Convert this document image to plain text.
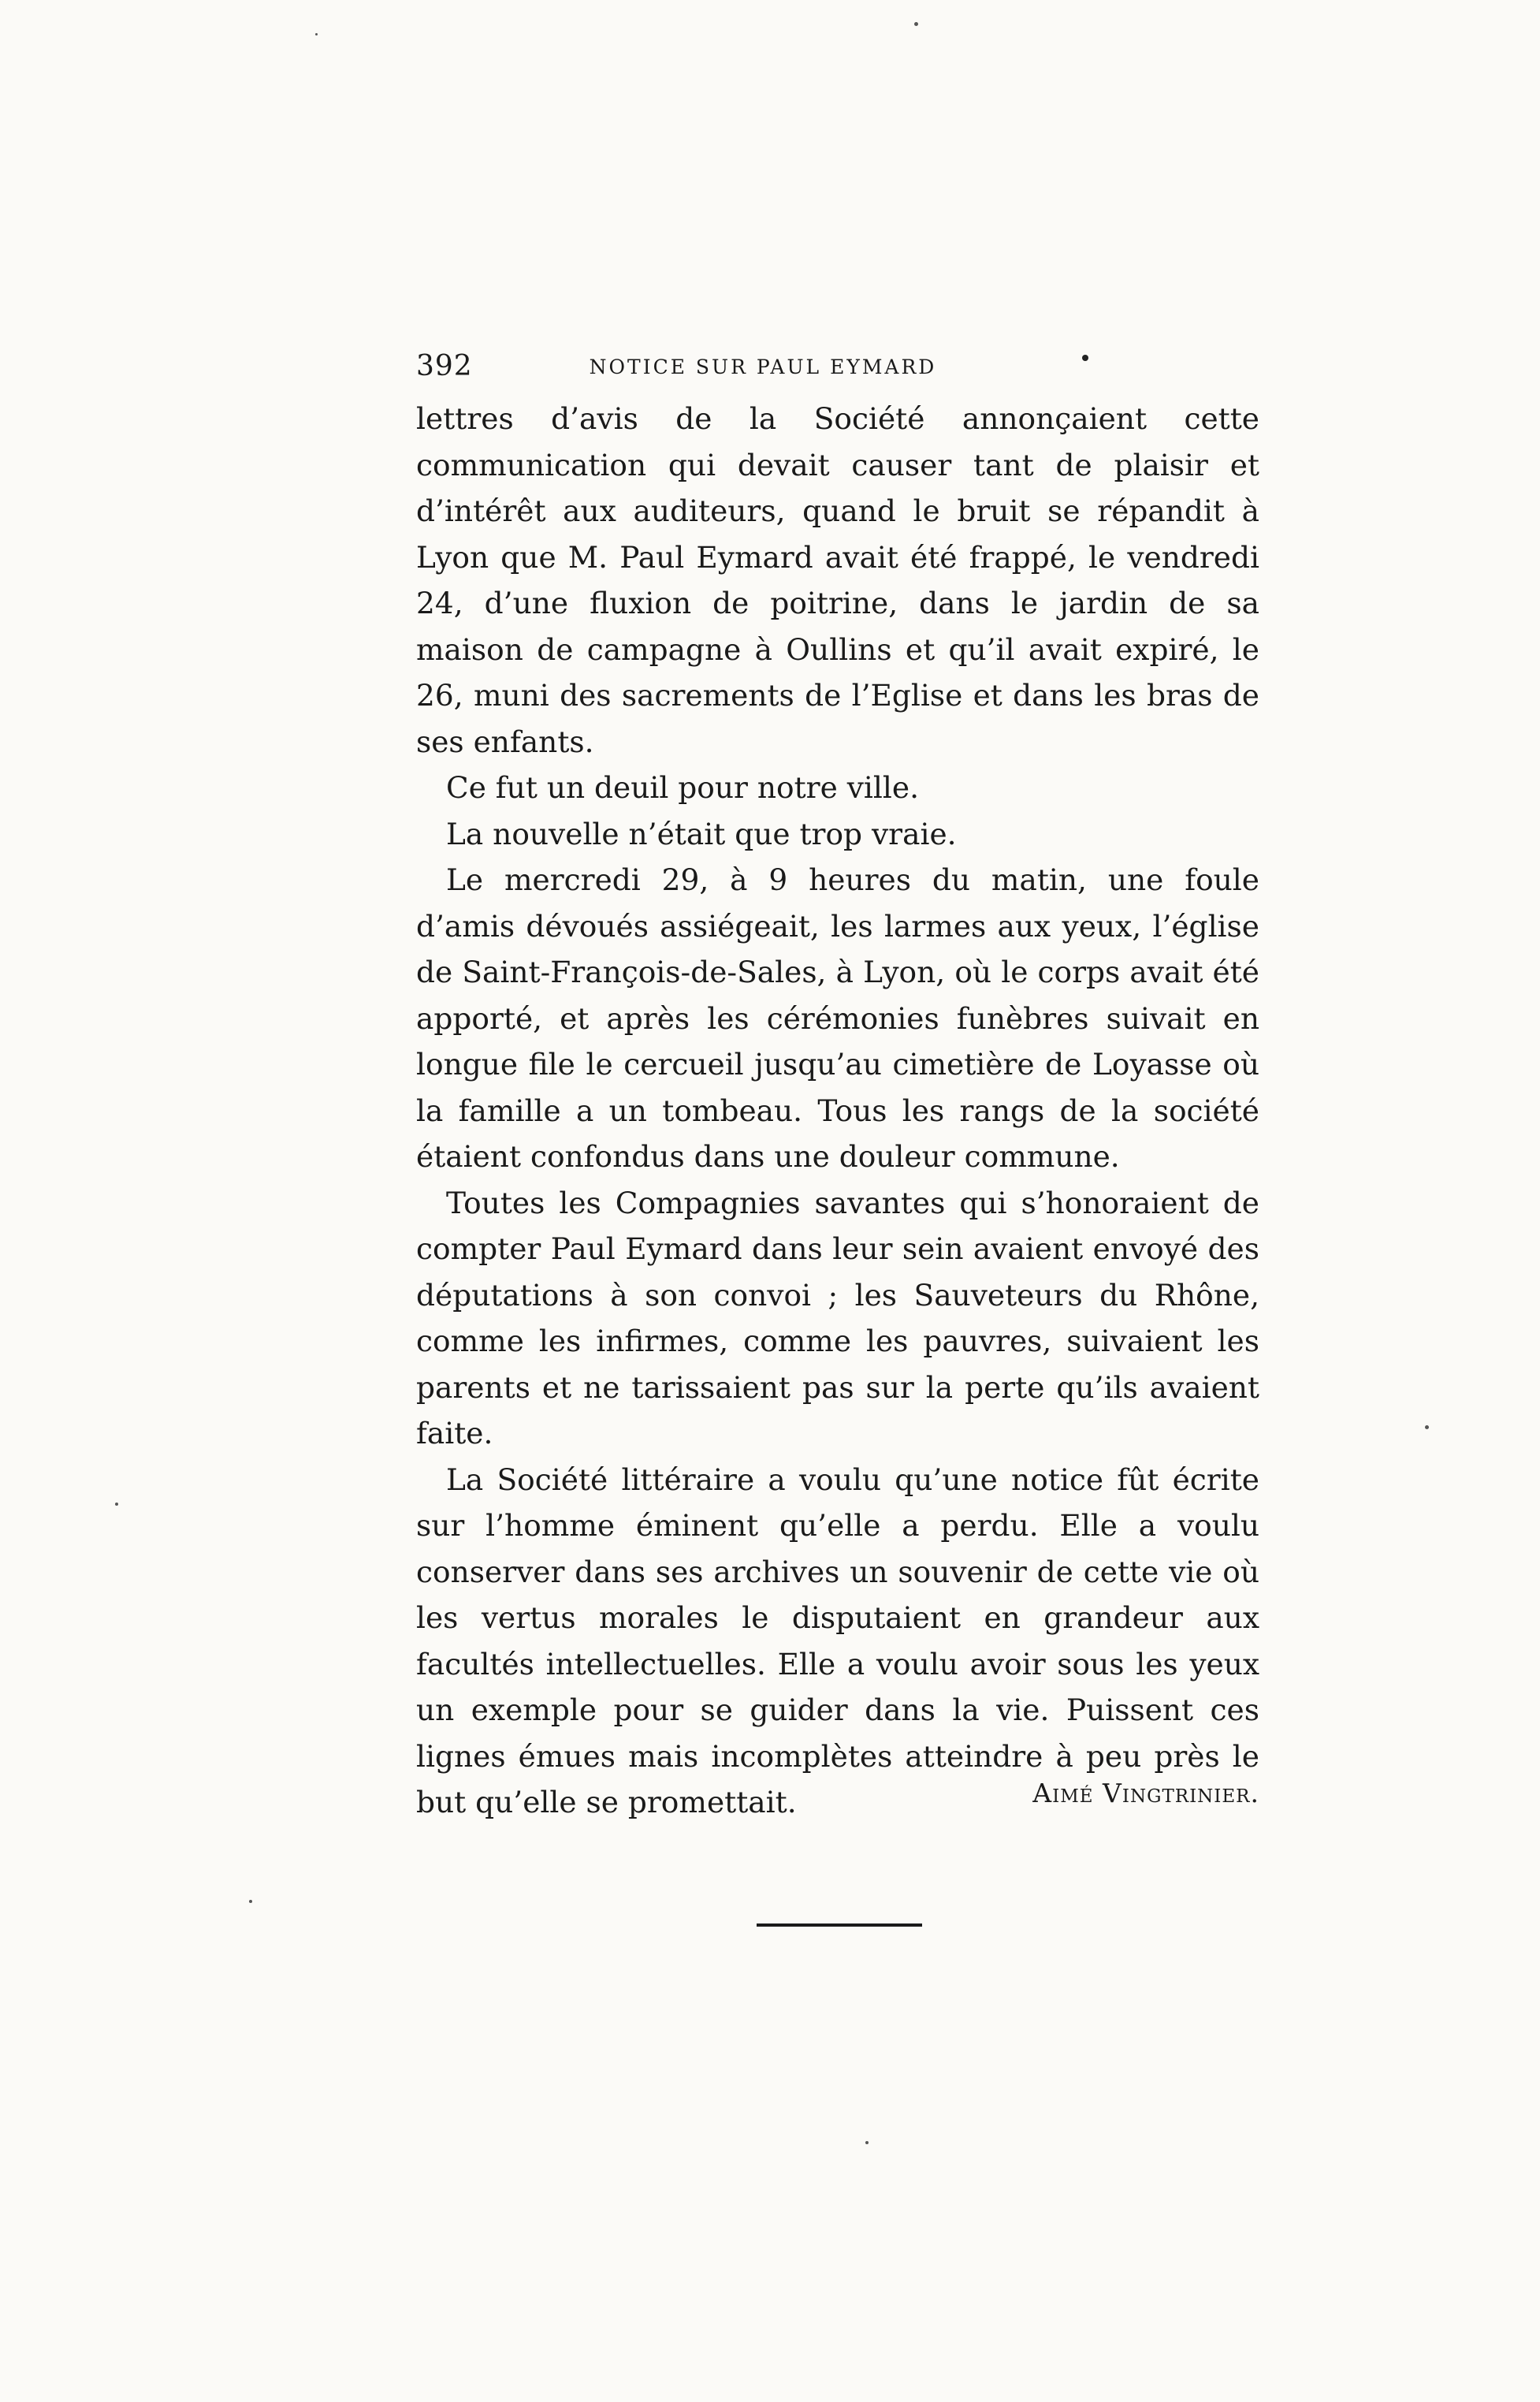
392	NOTICE SUR PAUL EYMARD

lettres d’avis de la Société annonçaient cette communication qui devait causer tant de plaisir et d’intérêt aux auditeurs, quand le bruit se répandit à Lyon que M. Paul Eymard avait été frappé, le vendredi 24, d’une fluxion de poitrine, dans le jardin de sa maison de campagne à Oullins et qu’il avait expiré, le 26, muni des sacrements de l’Eglise et dans les bras de ses enfants.

Ce fut un deuil pour notre ville.

La nouvelle n’était que trop vraie.

Le mercredi 29, à 9 heures du matin, une foule d’amis dévoués assiégeait, les larmes aux yeux, l’église de Saint-François-de-Sales, à Lyon, où le corps avait été apporté, et après les cérémonies funèbres suivait en longue file le cercueil jusqu’au cimetière de Loyasse où la famille a un tombeau. Tous les rangs de la société étaient confondus dans une douleur commune.

Toutes les Compagnies savantes qui s’honoraient de compter Paul Eymard dans leur sein avaient envoyé des députations à son convoi ; les Sauveteurs du Rhône, comme les infirmes, comme les pauvres, suivaient les parents et ne tarissaient pas sur la perte qu’ils avaient faite.

La Société littéraire a voulu qu’une notice fût écrite sur l’homme éminent qu’elle a perdu. Elle a voulu conserver dans ses archives un souvenir de cette vie où les vertus morales le disputaient en grandeur aux facultés intellectuelles. Elle a voulu avoir sous les yeux un exemple pour se guider dans la vie. Puissent ces lignes émues mais incomplètes atteindre à peu près le but qu’elle se promettait.	Aimé Vingtrinier.
